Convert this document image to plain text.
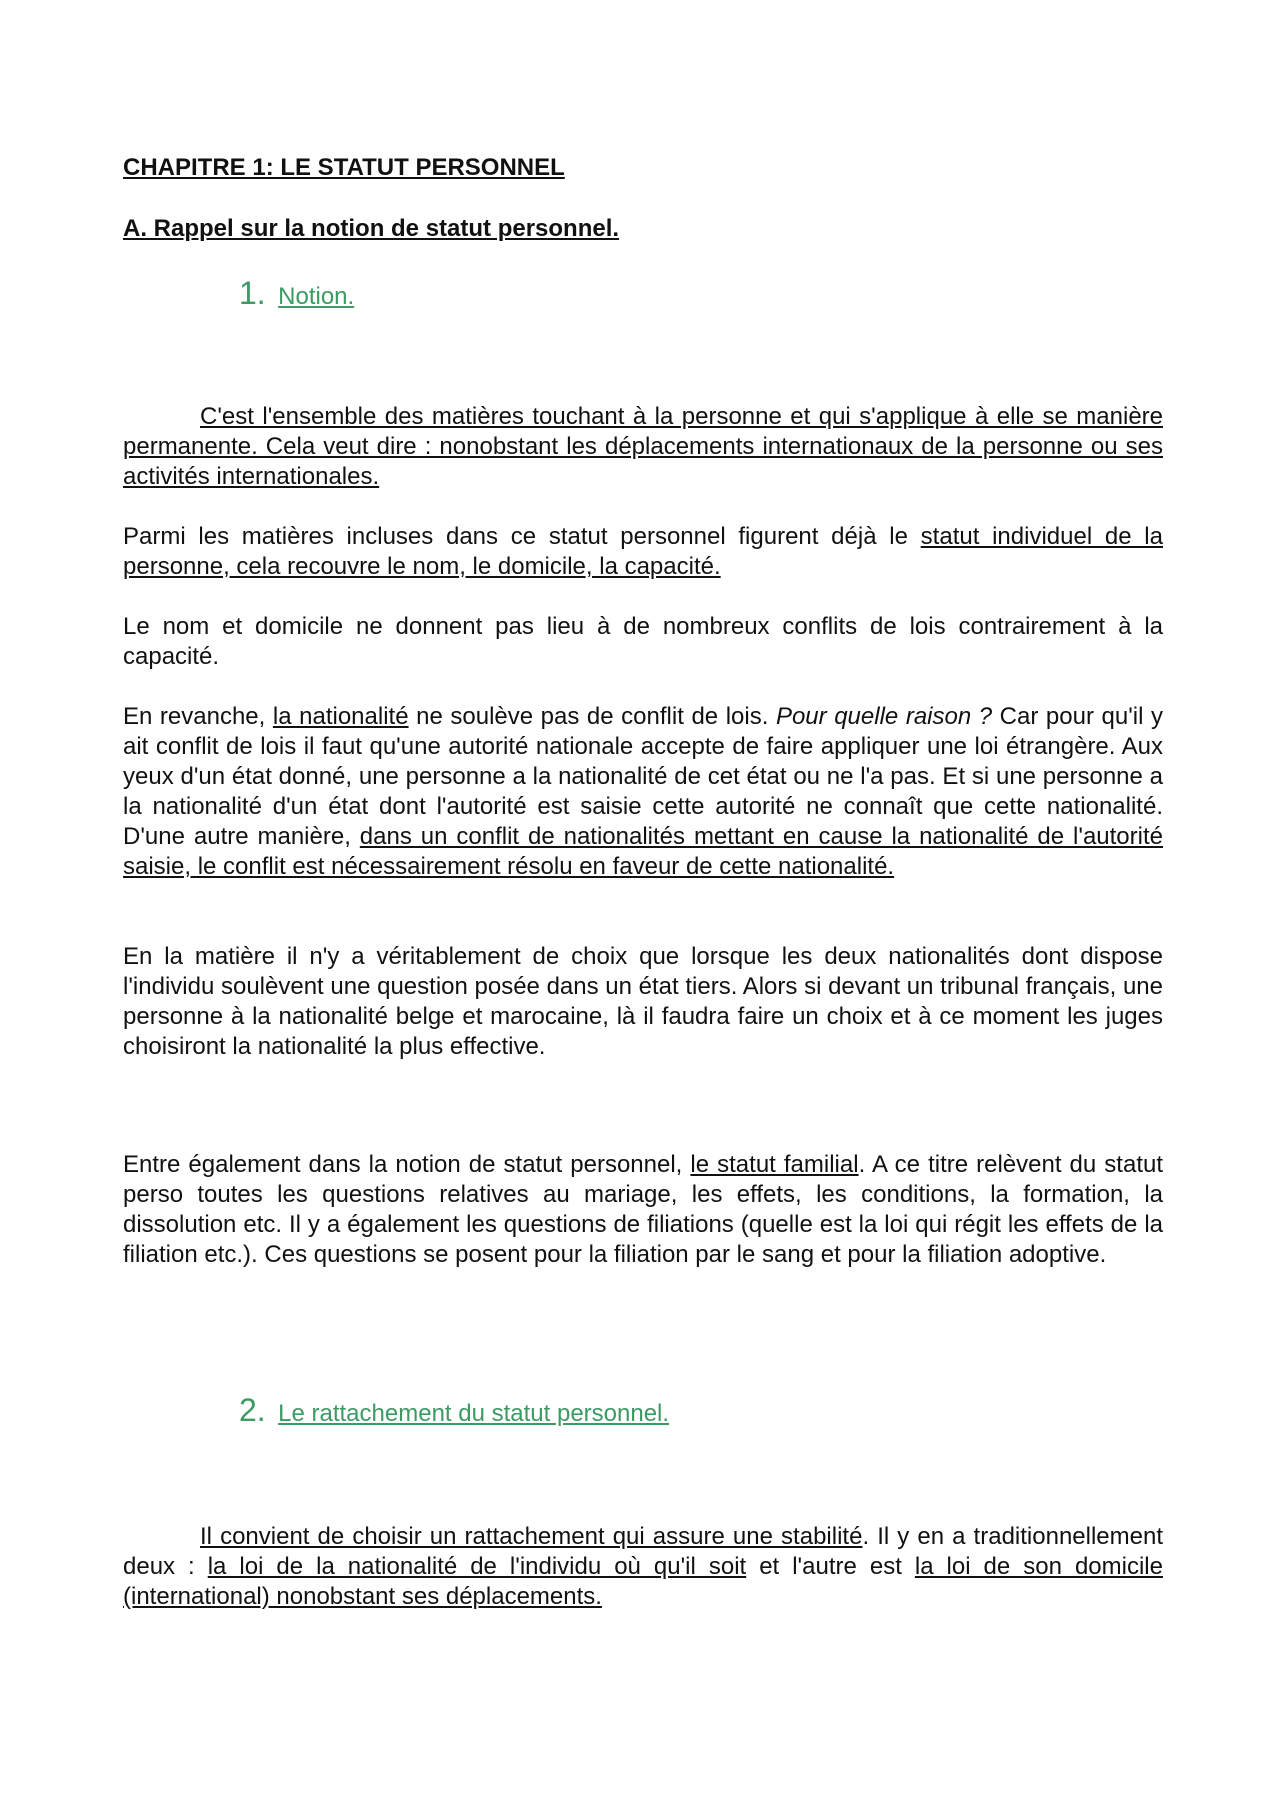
CHAPITRE 1: LE STATUT PERSONNEL
A. Rappel sur la notion de statut personnel.
1. Notion.

C'est l'ensemble des matières touchant à la personne et qui s'applique à elle se manière permanente. Cela veut dire : nonobstant les déplacements internationaux de la personne ou ses activités internationales.

Parmi les matières incluses dans ce statut personnel figurent déjà le statut individuel de la personne, cela recouvre le nom, le domicile, la capacité.

Le nom et domicile ne donnent pas lieu à de nombreux conflits de lois contrairement à la capacité.

En revanche, la nationalité ne soulève pas de conflit de lois. Pour quelle raison ? Car pour qu'il y ait conflit de lois il faut qu'une autorité nationale accepte de faire appliquer une loi étrangère. Aux yeux d'un état donné, une personne a la nationalité de cet état ou ne l'a pas. Et si une personne a la nationalité d'un état dont l'autorité est saisie cette autorité ne connaît que cette nationalité. D'une autre manière, dans un conflit de nationalités mettant en cause la nationalité de l'autorité saisie, le conflit est nécessairement résolu en faveur de cette nationalité.

En la matière il n'y a véritablement de choix que lorsque les deux nationalités dont dispose l'individu soulèvent une question posée dans un état tiers. Alors si devant un tribunal français, une personne à la nationalité belge et marocaine, là il faudra faire un choix et à ce moment les juges choisiront la nationalité la plus effective.

Entre également dans la notion de statut personnel, le statut familial. A ce titre relèvent du statut perso toutes les questions relatives au mariage, les effets, les conditions, la formation, la dissolution etc. Il y a également les questions de filiations (quelle est la loi qui régit les effets de la filiation etc.). Ces questions se posent pour la filiation par le sang et pour la filiation adoptive.

2. Le rattachement du statut personnel.

Il convient de choisir un rattachement qui assure une stabilité. Il y en a traditionnellement deux : la loi de la nationalité de l'individu où qu'il soit et l'autre est la loi de son domicile (international) nonobstant ses déplacements.
